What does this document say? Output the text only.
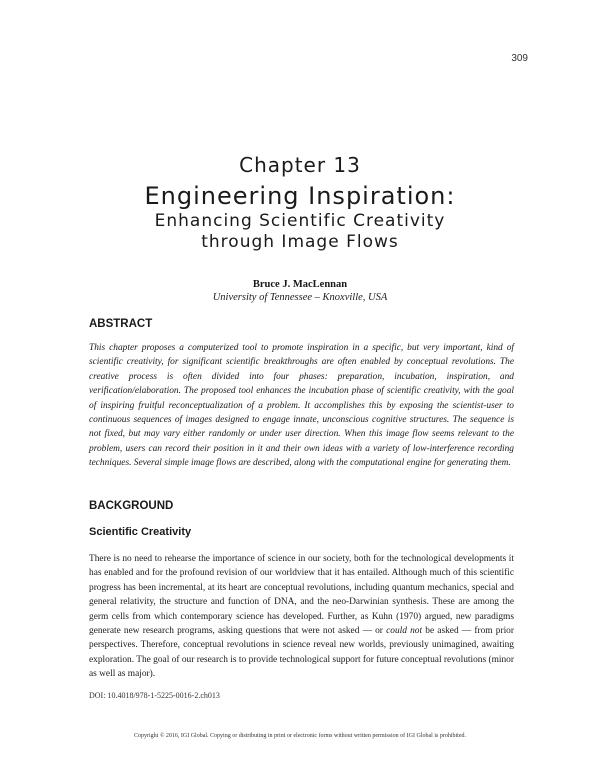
309
Chapter 13
Engineering Inspiration:
Enhancing Scientific Creativity
through Image Flows
Bruce J. MacLennan
University of Tennessee – Knoxville, USA
ABSTRACT

This chapter proposes a computerized tool to promote inspiration in a specific, but very important, kind of scientific creativity, for significant scientific breakthroughs are often enabled by conceptual revolutions. The creative process is often divided into four phases: preparation, incubation, inspiration, and verification/elaboration. The proposed tool enhances the incubation phase of scientific creativity, with the goal of inspiring fruitful reconceptualization of a problem. It accomplishes this by exposing the scientist-user to continuous sequences of images designed to engage innate, unconscious cognitive structures. The sequence is not fixed, but may vary either randomly or under user direction. When this image flow seems relevant to the problem, users can record their position in it and their own ideas with a variety of low-interference recording techniques. Several simple image flows are described, along with the computational engine for generating them.

BACKGROUND
Scientific Creativity

There is no need to rehearse the importance of science in our society, both for the technological developments it has enabled and for the profound revision of our worldview that it has entailed. Although much of this scientific progress has been incremental, at its heart are conceptual revolutions, including quantum mechanics, special and general relativity, the structure and function of DNA, and the neo-Darwinian synthesis. These are among the germ cells from which contemporary science has developed. Further, as Kuhn (1970) argued, new paradigms generate new research programs, asking questions that were not asked — or could not be asked — from prior perspectives. Therefore, conceptual revolutions in science reveal new worlds, previously unimagined, awaiting exploration. The goal of our research is to provide technological support for future conceptual revolutions (minor as well as major).

DOI: 10.4018/978-1-5225-0016-2.ch013
Copyright © 2016, IGI Global. Copying or distributing in print or electronic forms without written permission of IGI Global is prohibited.
